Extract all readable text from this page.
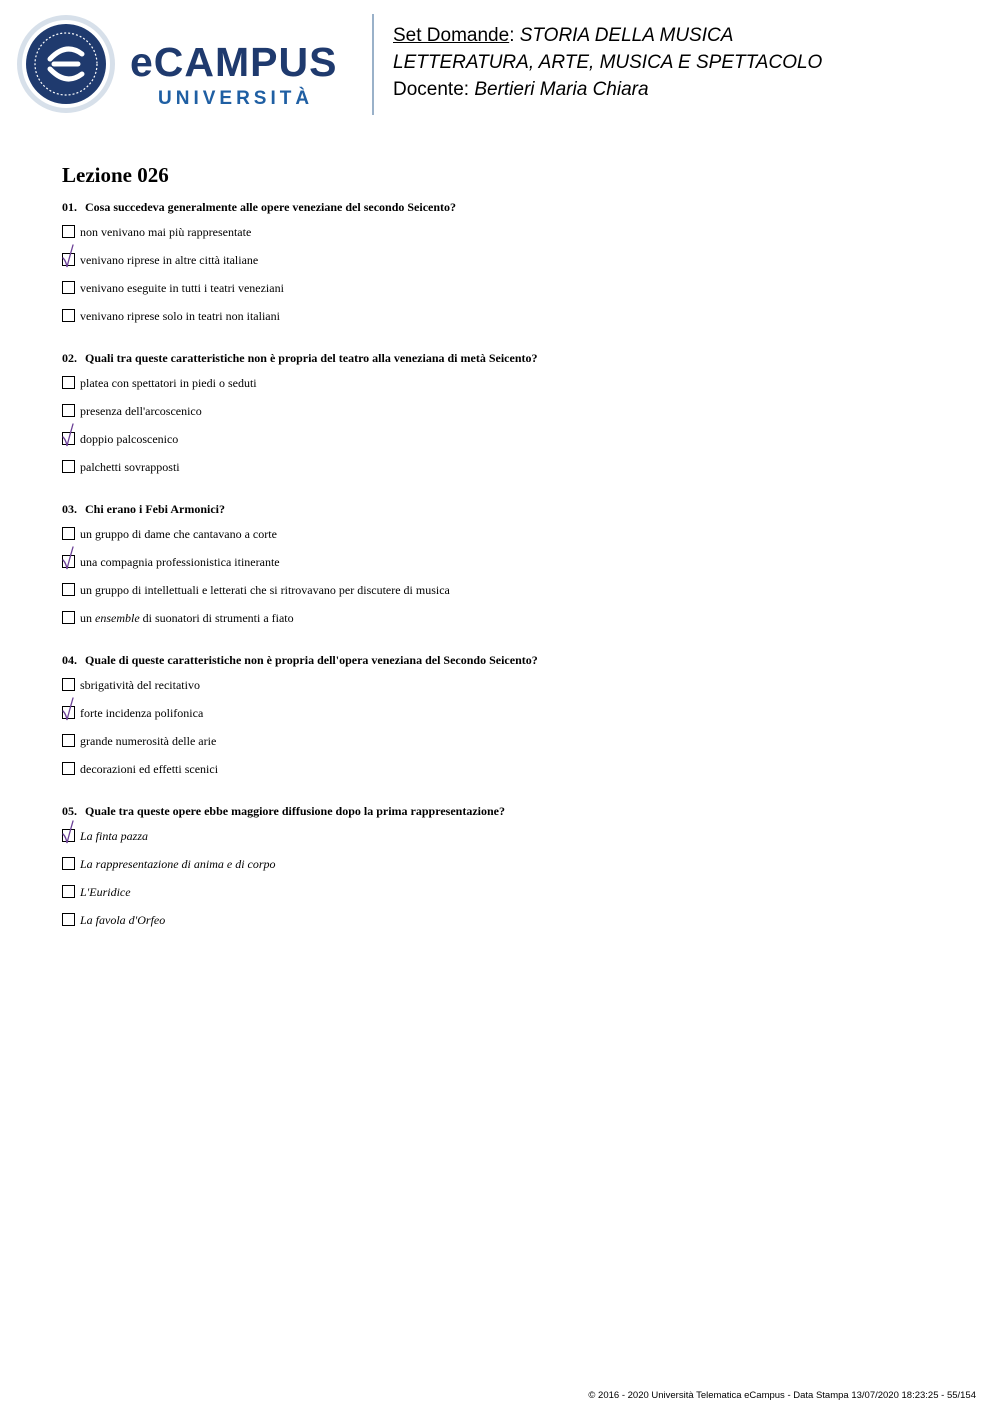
eCAMPUS
UNIVERSITÀ
Set Domande: STORIA DELLA MUSICA
LETTERATURA, ARTE, MUSICA E SPETTACOLO
Docente: Bertieri Maria Chiara
Lezione 026
01. Cosa succedeva generalmente alle opere veneziane del secondo Seicento?
non venivano mai più rappresentate
venivano riprese in altre città italiane
venivano eseguite in tutti i teatri veneziani
venivano riprese solo in teatri non italiani
02. Quali tra queste caratteristiche non è propria del teatro alla veneziana di metà Seicento?
platea con spettatori in piedi o seduti
presenza dell'arcoscenico
doppio palcoscenico
palchetti sovrapposti
03. Chi erano i Febi Armonici?
un gruppo di dame che cantavano a corte
una compagnia professionistica itinerante
un gruppo di intellettuali e letterati che si ritrovavano per discutere di musica
un ensemble di suonatori di strumenti a fiato
04. Quale di queste caratteristiche non è propria dell'opera veneziana del Secondo Seicento?
sbrigatività del recitativo
forte incidenza polifonica
grande numerosità delle arie
decorazioni ed effetti scenici
05. Quale tra queste opere ebbe maggiore diffusione dopo la prima rappresentazione?
La finta pazza
La rappresentazione di anima e di corpo
L'Euridice
La favola d'Orfeo
© 2016 - 2020 Università Telematica eCampus - Data Stampa 13/07/2020 18:23:25 - 55/154
